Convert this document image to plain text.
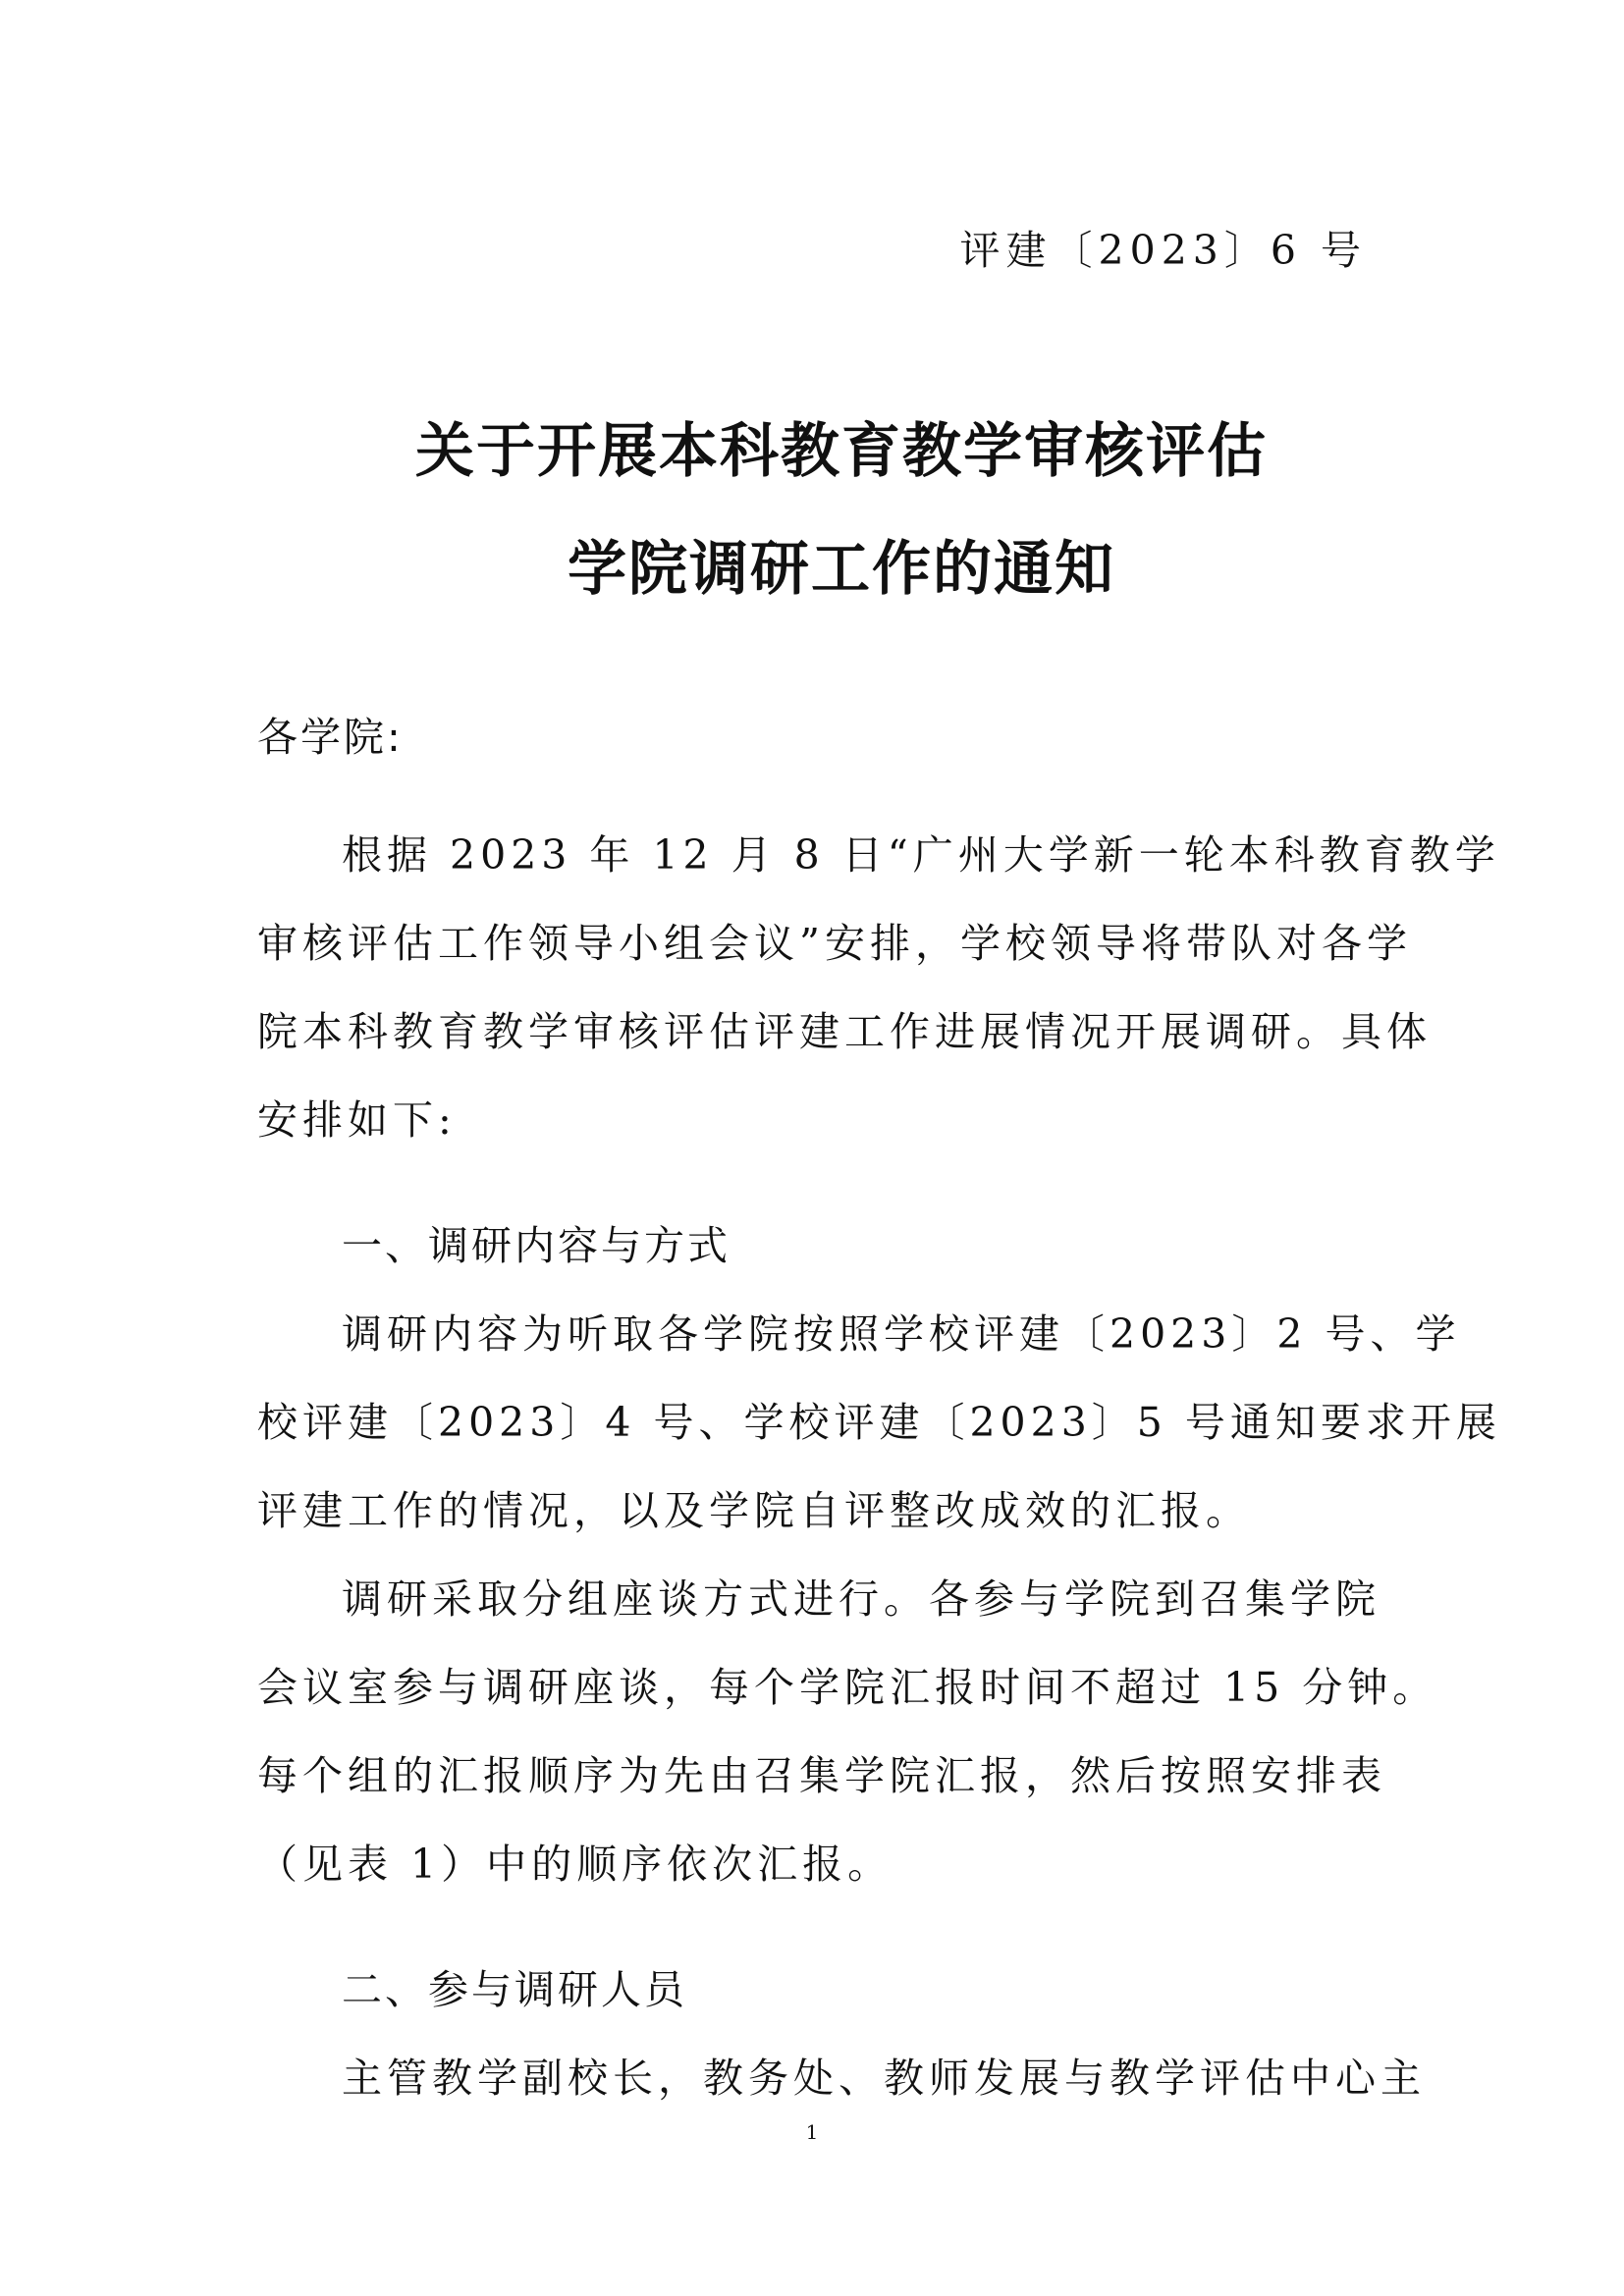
评建〔2023〕6 号
关于开展本科教育教学审核评估
学院调研工作的通知
各学院:
根据 2023 年 12 月 8 日“广州大学新一轮本科教育教学
审核评估工作领导小组会议”安排，学校领导将带队对各学
院本科教育教学审核评估评建工作进展情况开展调研。具体
安排如下:
一、调研内容与方式
调研内容为听取各学院按照学校评建〔2023〕2 号、学
校评建〔2023〕4 号、学校评建〔2023〕5 号通知要求开展
评建工作的情况，以及学院自评整改成效的汇报。
调研采取分组座谈方式进行。各参与学院到召集学院
会议室参与调研座谈，每个学院汇报时间不超过 15 分钟。
每个组的汇报顺序为先由召集学院汇报，然后按照安排表
（见表 1）中的顺序依次汇报。
二、参与调研人员
主管教学副校长，教务处、教师发展与教学评估中心主
1
